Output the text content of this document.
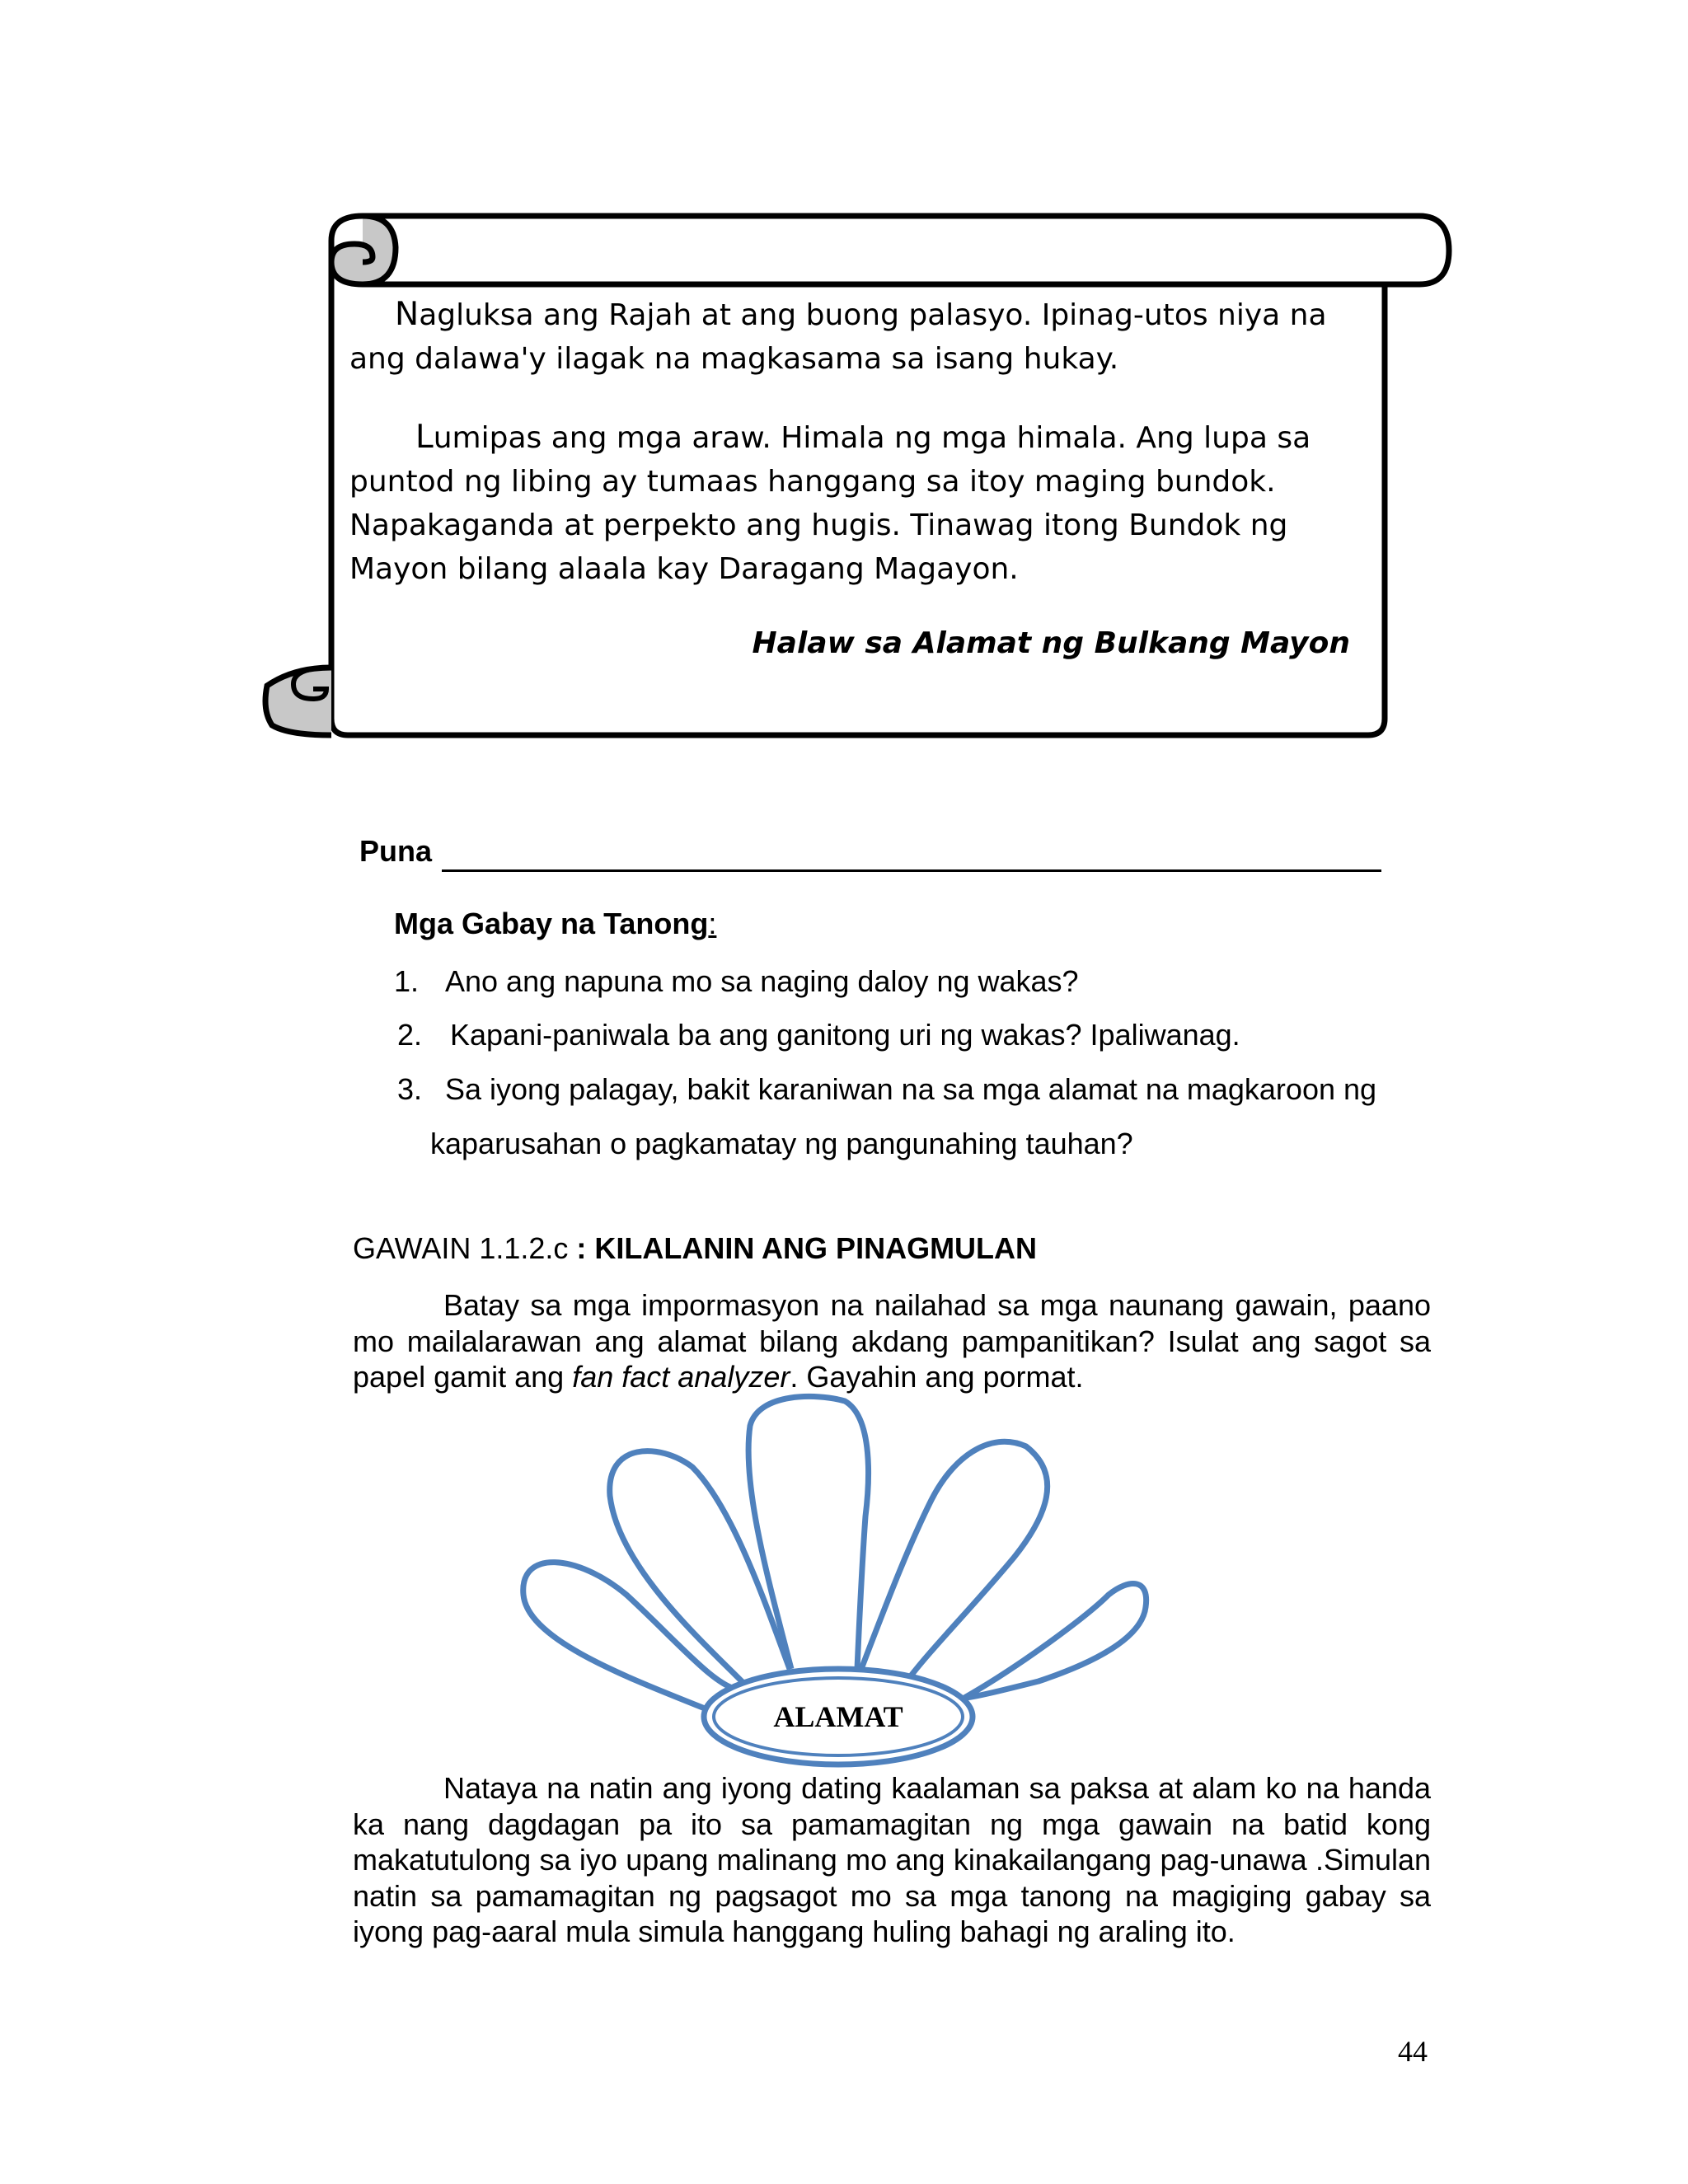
Nagluksa ang Rajah at ang buong palasyo. Ipinag-utos niya na ang dalawa'y ilagak na magkasama sa isang hukay.

Lumipas ang mga araw. Himala ng mga himala. Ang lupa sa puntod ng libing ay tumaas hanggang sa itoy maging bundok. Napakaganda at perpekto ang hugis. Tinawag itong Bundok ng Mayon bilang alaala kay Daragang Magayon.

Halaw sa Alamat ng Bulkang Mayon
Puna
Mga Gabay na Tanong:
1. Ano ang napuna mo sa naging daloy ng wakas?
2. Kapani-paniwala ba ang ganitong uri ng wakas? Ipaliwanag.
3. Sa iyong palagay, bakit karaniwan na sa mga alamat na magkaroon ng
kaparusahan o pagkamatay ng pangunahing tauhan?
GAWAIN 1.1.2.c : KILALANIN ANG PINAGMULAN

Batay sa mga impormasyon na nailahad sa mga naunang gawain, paano mo mailalarawan ang alamat bilang akdang pampanitikan? Isulat ang sagot sa papel gamit ang fan fact analyzer. Gayahin ang pormat.

ALAMAT

Nataya na natin ang iyong dating kaalaman sa paksa at alam ko na handa ka nang dagdagan pa ito sa pamamagitan ng mga gawain na batid kong makatutulong sa iyo upang malinang mo ang kinakailangang pag-unawa .Simulan natin sa pamamagitan ng pagsagot mo sa mga tanong na magiging gabay sa iyong pag-aaral mula simula hanggang huling bahagi ng araling ito.

44
